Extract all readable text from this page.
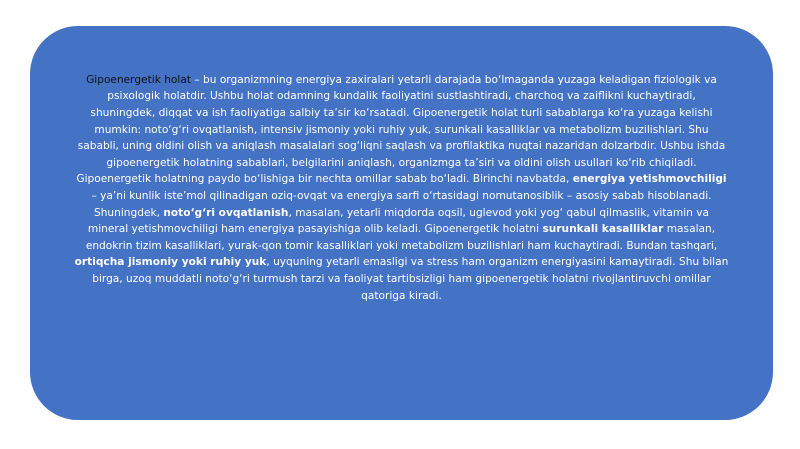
Gipoenergetik holat – bu organizmning energiya zaxiralari yetarli darajada bo‘lmaganda yuzaga keladigan fiziologik va psixologik holatdir. Ushbu holat odamning kundalik faoliyatini sustlashtiradi, charchoq va zaiflikni kuchaytiradi, shuningdek, diqqat va ish faoliyatiga salbiy ta’sir ko‘rsatadi. Gipoenergetik holat turli sabablarga ko‘ra yuzaga kelishi mumkin: noto‘g‘ri ovqatlanish, intensiv jismoniy yoki ruhiy yuk, surunkali kasalliklar va metabolizm buzilishlari. Shu sababli, uning oldini olish va aniqlash masalalari sog‘liqni saqlash va profilaktika nuqtai nazaridan dolzarbdir. Ushbu ishda gipoenergetik holatning sabablari, belgilarini aniqlash, organizmga ta’siri va oldini olish usullari ko‘rib chiqiladi.

Gipoenergetik holatning paydo bo‘lishiga bir nechta omillar sabab bo‘ladi. Birinchi navbatda, energiya yetishmovchiligi – ya’ni kunlik iste’mol qilinadigan oziq-ovqat va energiya sarfi o‘rtasidagi nomutanosiblik – asosiy sabab hisoblanadi. Shuningdek, noto‘g‘ri ovqatlanish, masalan, yetarli miqdorda oqsil, uglevod yoki yog‘ qabul qilmaslik, vitamin va mineral yetishmovchiligi ham energiya pasayishiga olib keladi. Gipoenergetik holatni surunkali kasalliklar masalan, endokrin tizim kasalliklari, yurak-qon tomir kasalliklari yoki metabolizm buzilishlari ham kuchaytiradi. Bundan tashqari, ortiqcha jismoniy yoki ruhiy yuk, uyquning yetarli emasligi va stress ham organizm energiyasini kamaytiradi. Shu bilan birga, uzoq muddatli noto‘g‘ri turmush tarzi va faoliyat tartibsizligi ham gipoenergetik holatni rivojlantiruvchi omillar qatoriga kiradi.
